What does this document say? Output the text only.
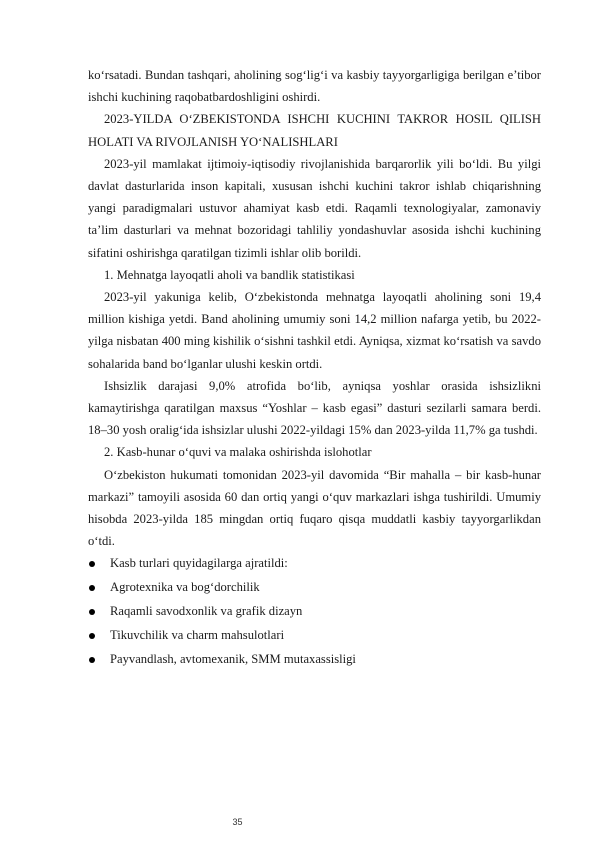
ko‘rsatadi. Bundan tashqari, aholining sog‘lig‘i va kasbiy tayyorgarligiga berilgan e’tibor ishchi kuchining raqobatbardoshligini oshirdi.

2023-YILDA O‘ZBEKISTONDA ISHCHI KUCHINI TAKROR HOSIL QILISH HOLATI VA RIVOJLANISH YO‘NALISHLARI

2023-yil mamlakat ijtimoiy-iqtisodiy rivojlanishida barqarorlik yili bo‘ldi. Bu yilgi davlat dasturlarida inson kapitali, xususan ishchi kuchini takror ishlab chiqarishning yangi paradigmalari ustuvor ahamiyat kasb etdi. Raqamli texnologiyalar, zamonaviy ta’lim dasturlari va mehnat bozoridagi tahliliy yondashuvlar asosida ishchi kuchining sifatini oshirishga qaratilgan tizimli ishlar olib borildi.

1. Mehnatga layoqatli aholi va bandlik statistikasi

2023-yil yakuniga kelib, O‘zbekistonda mehnatga layoqatli aholining soni 19,4 million kishiga yetdi. Band aholining umumiy soni 14,2 million nafarga yetib, bu 2022-yilga nisbatan 400 ming kishilik o‘sishni tashkil etdi. Ayniqsa, xizmat ko‘rsatish va savdo sohalarida band bo‘lganlar ulushi keskin ortdi.

Ishsizlik darajasi 9,0% atrofida bo‘lib, ayniqsa yoshlar orasida ishsizlikni kamaytirishga qaratilgan maxsus “Yoshlar – kasb egasi” dasturi sezilarli samara berdi. 18–30 yosh oralig‘ida ishsizlar ulushi 2022-yildagi 15% dan 2023-yilda 11,7% ga tushdi.

2. Kasb-hunar o‘quvi va malaka oshirishda islohotlar

O‘zbekiston hukumati tomonidan 2023-yil davomida “Bir mahalla – bir kasb-hunar markazi” tamoyili asosida 60 dan ortiq yangi o‘quv markazlari ishga tushirildi. Umumiy hisobda 2023-yilda 185 mingdan ortiq fuqaro qisqa muddatli kasbiy tayyorgarlikdan o‘tdi.

Kasb turlari quyidagilarga ajratildi:
Agrotexnika va bog‘dorchilik
Raqamli savodxonlik va grafik dizayn
Tikuvchilik va charm mahsulotlari
Payvandlash, avtomexanik, SMM mutaxassisligi
35
